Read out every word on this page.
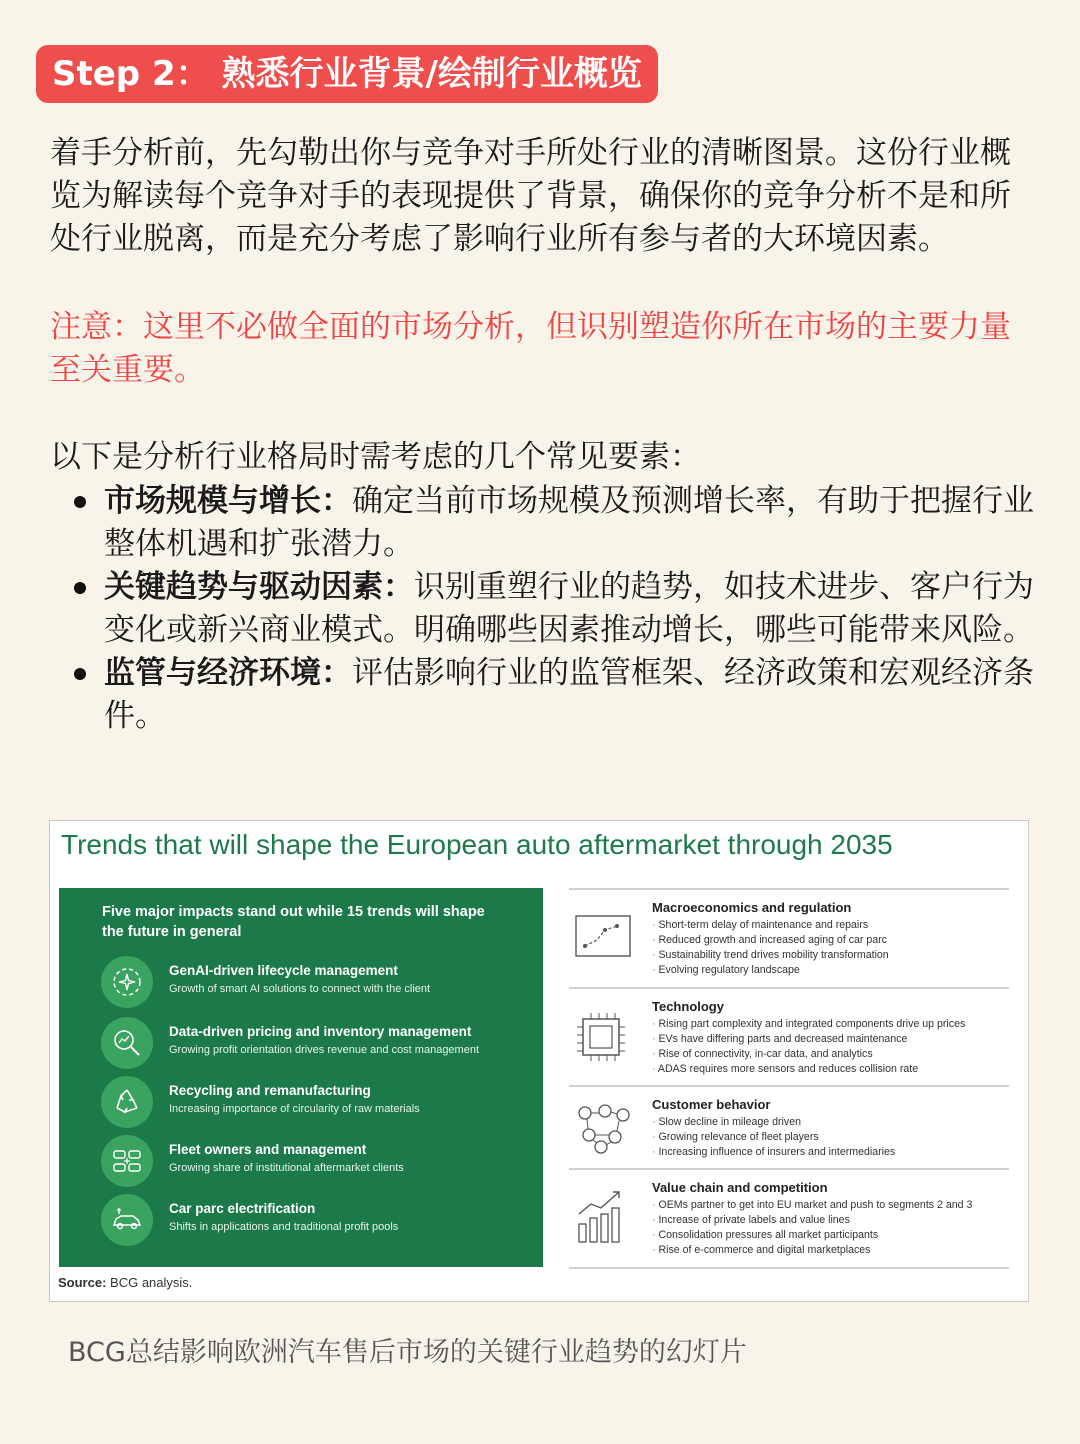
Step 2： 熟悉行业背景/绘制行业概览

着手分析前，先勾勒出你与竞争对手所处行业的清晰图景。这份行业概览为解读每个竞争对手的表现提供了背景，确保你的竞争分析不是和所处行业脱离，而是充分考虑了影响行业所有参与者的大环境因素。

注意：这里不必做全面的市场分析，但识别塑造你所在市场的主要力量至关重要。

以下是分析行业格局时需考虑的几个常见要素：

市场规模与增长：确定当前市场规模及预测增长率，有助于把握行业整体机遇和扩张潜力。
关键趋势与驱动因素：识别重塑行业的趋势，如技术进步、客户行为变化或新兴商业模式。明确哪些因素推动增长，哪些可能带来风险。
监管与经济环境：评估影响行业的监管框架、经济政策和宏观经济条件。
Trends that will shape the European auto aftermarket through 2035
Five major impacts stand out while 15 trends will shape the future in general
GenAI-driven lifecycle management
Growth of smart AI solutions to connect with the client
Data-driven pricing and inventory management
Growing profit orientation drives revenue and cost management
Recycling and remanufacturing
Increasing importance of circularity of raw materials
Fleet owners and management
Growing share of institutional aftermarket clients
Car parc electrification
Shifts in applications and traditional profit pools
Source: BCG analysis.
Macroeconomics and regulation
· Short-term delay of maintenance and repairs
· Reduced growth and increased aging of car parc
· Sustainability trend drives mobility transformation
· Evolving regulatory landscape
Technology
· Rising part complexity and integrated components drive up prices
· EVs have differing parts and decreased maintenance
· Rise of connectivity, in-car data, and analytics
· ADAS requires more sensors and reduces collision rate
Customer behavior
· Slow decline in mileage driven
· Growing relevance of fleet players
· Increasing influence of insurers and intermediaries
Value chain and competition
· OEMs partner to get into EU market and push to segments 2 and 3
· Increase of private labels and value lines
· Consolidation pressures all market participants
· Rise of e-commerce and digital marketplaces
BCG总结影响欧洲汽车售后市场的关键行业趋势的幻灯片
